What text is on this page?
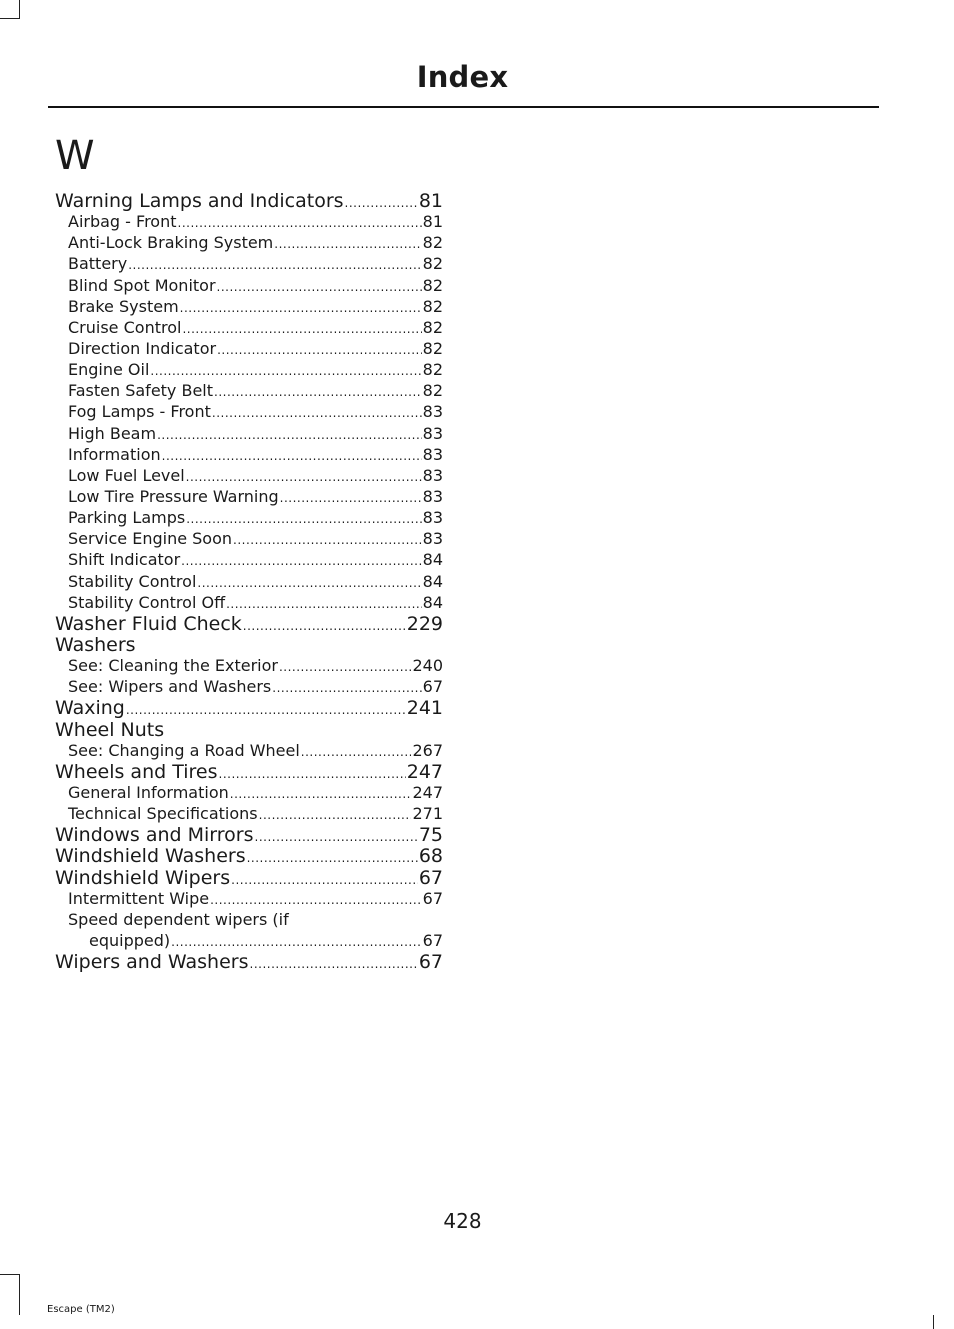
Index
W
Warning Lamps and Indicators .....	81
Airbag - Front .....	81
Anti-Lock Braking System .....	82
Battery .....	82
Blind Spot Monitor .....	82
Brake System .....	82
Cruise Control .....	82
Direction Indicator .....	82
Engine Oil .....	82
Fasten Safety Belt .....	82
Fog Lamps - Front .....	83
High Beam .....	83
Information .....	83
Low Fuel Level .....	83
Low Tire Pressure Warning .....	83
Parking Lamps .....	83
Service Engine Soon .....	83
Shift Indicator .....	84
Stability Control .....	84
Stability Control Off .....	84
Washer Fluid Check .....	229
Washers
See: Cleaning the Exterior .....	240
See: Wipers and Washers .....	67
Waxing .....	241
Wheel Nuts
See: Changing a Road Wheel .....	267
Wheels and Tires .....	247
General Information .....	247
Technical Specifications .....	271
Windows and Mirrors .....	75
Windshield Washers .....	68
Windshield Wipers .....	67
Intermittent Wipe .....	67
Speed dependent wipers (if
equipped) .....	67
Wipers and Washers .....	67
428
Escape (TM2)
